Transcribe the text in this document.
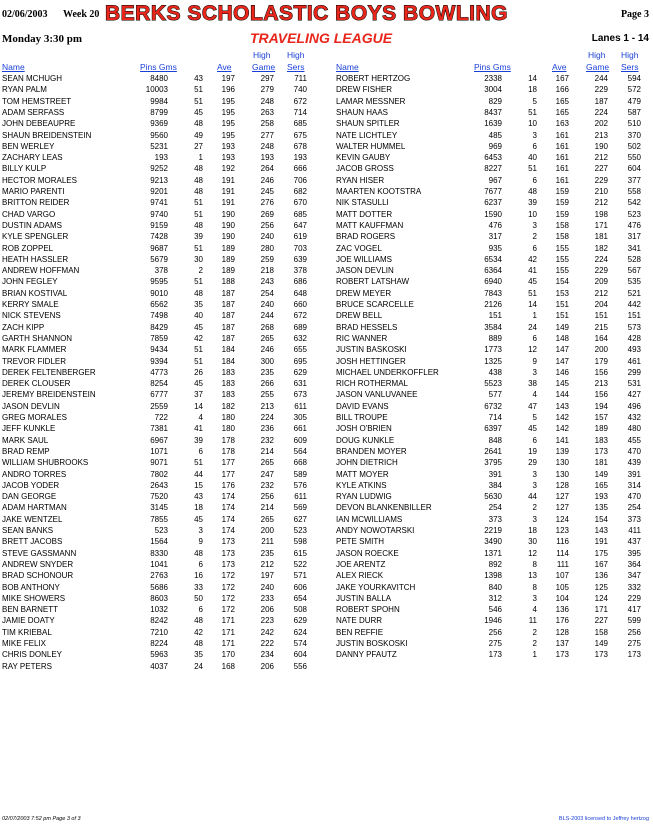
02/06/2003 Week 20 BERKS SCHOLASTIC BOYS BOWLING	Page 3
Monday 3:30 pm	TRAVELING LEAGUE	Lanes 1 - 14
High High
Name	Pins Gms	Ave Game Sers
High High
Name	Pins Gms	Ave Game Sers
SEAN MCHUGH	8480	43 197	297	711
RYAN PALM	10003	51 196	279 740
TOM HEMSTREET	9984	51 195	248 672
ADAM SERFASS	8799	45 195	263 714
JOHN DEBEAUPRE	9369	48 195	258 685
SHAUN BREIDENSTEIN	9560	49 195	277 675
BEN WERLEY	5231	27 193	248 678
ZACHARY LEAS	193	1 193	193 193
BILLY KULP	9252	48 192	264 666
HECTOR MORALES	9213	48 191	246 706
MARIO PARENTI	9201	48 191	245 682
BRITTON REIDER	9741	51 191	276 670
CHAD VARGO	9740	51 190	269 685
DUSTIN ADAMS	9159	48 190	256 647
KYLE SPENGLER	7428	39 190	240 619
ROB ZOPPEL	9687	51 189	280 703
HEATH HASSLER	5679	30 189	259 639
ANDREW HOFFMAN	378	2 189	218 378
JOHN FEGLEY	9595	51 188	243 686
BRIAN KOSTIVAL	9010	48 187	254 648
KERRY SMALE	6562	35 187	240 660
NICK STEVENS	7498	40 187	244 672
ZACH KIPP	8429	45 187	268 689
GARTH SHANNON	7859	42 187	265 632
MARK FLAMMER	9434	51 184	246 655
TREVOR FIDLER	9394	51 184	300 695
DEREK FELTENBERGER	4773	26 183	235 629
DEREK CLOUSER	8254	45 183	266 631
JEREMY BREIDENSTEIN	6777	37 183	255 673
JASON DEVLIN	2559	14 182	213	611
GREG MORALES	722	4 180	224 305
JEFF KUNKLE	7381	41 180	236 661
MARK SAUL	6967	39 178	232 609
BRAD REMP	1071	6 178	214 564
WILLIAM SHUBROOKS	9071	51 177	265 668
ANDRO TORRES	7802	44 177	247 589
JACOB YODER	2643	15 176	232 576
DAN GEORGE	7520	43 174	256	611
ADAM HARTMAN	3145	18 174	214 569
JAKE WENTZEL	7855	45 174	265 627
SEAN BANKS	523	3 174	200 523
BRETT JACOBS	1564	9 173	211 598
STEVE GASSMANN	8330	48 173	235 615
ANDREW SNYDER	1041	6 173	212 522
BRAD SCHONOUR	2763	16 172	197 571
BOB ANTHONY	5686	33 172	240 606
MIKE SHOWERS	8603	50 172	233 654
BEN BARNETT	1032	6 172	206 508
JAMIE DOATY	8242	48 171	223 629
TIM KRIEBAL	7210	42 171	242 624
MIKE FELIX	8224	48 171	222 574
CHRIS DONLEY	5963	35 170	234 604
RAY PETERS	4037	24 168	206 556
ROBERT HERTZOG	2338	14 167	244 594
DREW FISHER	3004	18 166	229 572
LAMAR MESSNER	829	5 165	187 479
SHAUN HAAS	8437	51 165	224 587
SHAUN SPITLER	1639	10 163	202 510
NATE LICHTLEY	485	3 161	213 370
WALTER HUMMEL	969	6 161	190 502
KEVIN GAUBY	6453	40 161	212 550
JACOB GROSS	8227	51 161	227 604
RYAN HISER	967	6 161	229 377
MAARTEN KOOTSTRA	7677	48 159	210 558
NIK STASULLI	6237	39 159	212 542
MATT DOTTER	1590	10 159	198 523
MATT KAUFFMAN	476	3 158	171 476
BRAD ROGERS	317	2 158	181 317
ZAC VOGEL	935	6 155	182 341
JOE WILLIAMS	6534	42 155	224 528
JASON DEVLIN	6364	41 155	229 567
ROBERT LATSHAW	6940	45 154	209 535
DREW MEYER	7843	51 153	212 521
BRUCE SCARCELLE	2126	14 151	204 442
DREW BELL	151	1 151	151 151
BRAD HESSELS	3584	24 149	215 573
RIC WANNER	889	6 148	164 428
JUSTIN BASKOSKI	1773	12 147	200 493
JOSH HETTINGER	1325	9 147	179 461
MICHAEL UNDERKOFFLER	438	3 146	156 299
RICH ROTHERMAL	5523	38 145	213 531
JASON VANLUVANEE	577	4 144	156 427
DAVID EVANS	6732	47 143	194 496
BILL TROUPE	714	5 142	157 432
JOSH O'BRIEN	6397	45 142	189 480
DOUG KUNKLE	848	6 141	183 455
BRANDEN MOYER	2641	19 139	173 470
JOHN DIETRICH	3795	29 130	181 439
MATT MOYER	391	3 130	149 391
KYLE ATKINS	384	3 128	165 314
RYAN LUDWIG	5630	44 127	193 470
DEVON BLANKENBILLER	254	2 127	135 254
IAN MCWILLIAMS	373	3 124	154 373
ANDY NOWOTARSKI	2219	18 123	143	411
PETE SMITH	3490	30 116	191 437
JASON ROECKE	1371	12 114	175 395
JOE ARENTZ	892	8 111	167 364
ALEX RIECK	1398	13 107	136 347
JAKE YOURKAVITCH	840	8 105	125 332
JUSTIN BALLA	312	3 104	124 229
ROBERT SPOHN	546	4 136	171 417
NATE DURR	1946	11 176	227 599
BEN REFFIE	256	2 128	158 256
JUSTIN BOSKOSKI	275	2 137	149 275
DANNY PFAUTZ	173	1 173	173 173
02/07/2003 7:52 pm Page 3 of 3	BLS-2003 licensed to Jeffrey hertzog
